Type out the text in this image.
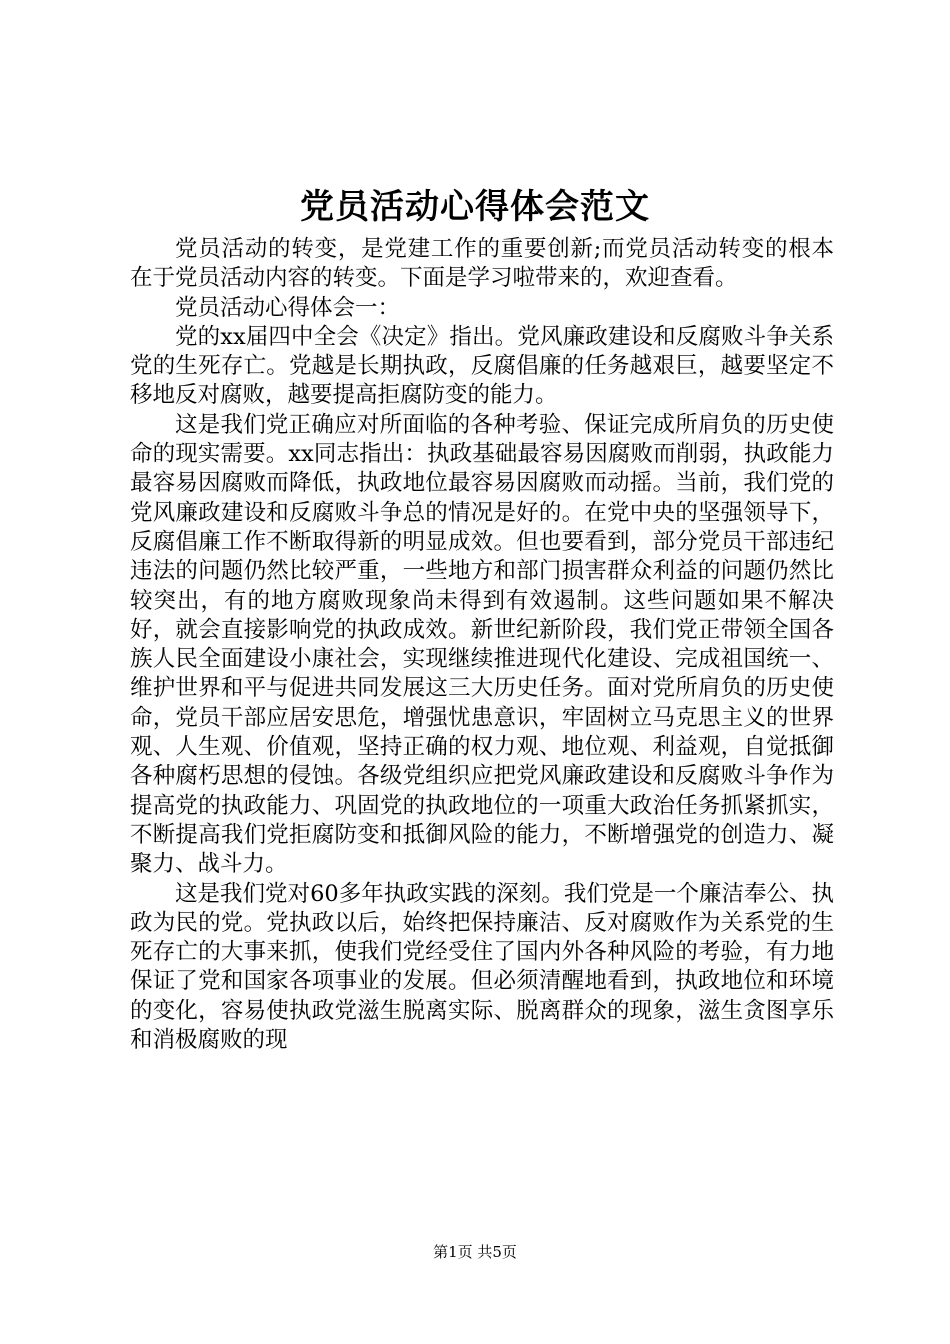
党员活动心得体会范文

党员活动的转变，是党建工作的重要创新;而党员活动转变的根本在于党员活动内容的转变。下面是学习啦带来的，欢迎查看。

党员活动心得体会一：

党的xx届四中全会《决定》指出。党风廉政建设和反腐败斗争关系党的生死存亡。党越是长期执政，反腐倡廉的任务越艰巨，越要坚定不移地反对腐败，越要提高拒腐防变的能力。

这是我们党正确应对所面临的各种考验、保证完成所肩负的历史使命的现实需要。xx同志指出：执政基础最容易因腐败而削弱，执政能力最容易因腐败而降低，执政地位最容易因腐败而动摇。当前，我们党的党风廉政建设和反腐败斗争总的情况是好的。在党中央的坚强领导下，反腐倡廉工作不断取得新的明显成效。但也要看到，部分党员干部违纪违法的问题仍然比较严重，一些地方和部门损害群众利益的问题仍然比较突出，有的地方腐败现象尚未得到有效遏制。这些问题如果不解决好，就会直接影响党的执政成效。新世纪新阶段，我们党正带领全国各族人民全面建设小康社会，实现继续推进现代化建设、完成祖国统一、维护世界和平与促进共同发展这三大历史任务。面对党所肩负的历史使命，党员干部应居安思危，增强忧患意识，牢固树立马克思主义的世界观、人生观、价值观，坚持正确的权力观、地位观、利益观，自觉抵御各种腐朽思想的侵蚀。各级党组织应把党风廉政建设和反腐败斗争作为提高党的执政能力、巩固党的执政地位的一项重大政治任务抓紧抓实，不断提高我们党拒腐防变和抵御风险的能力，不断增强党的创造力、凝聚力、战斗力。

这是我们党对60多年执政实践的深刻。我们党是一个廉洁奉公、执政为民的党。党执政以后，始终把保持廉洁、反对腐败作为关系党的生死存亡的大事来抓，使我们党经受住了国内外各种风险的考验，有力地保证了党和国家各项事业的发展。但必须清醒地看到，执政地位和环境的变化，容易使执政党滋生脱离实际、脱离群众的现象，滋生贪图享乐和消极腐败的现

第1页 共5页
